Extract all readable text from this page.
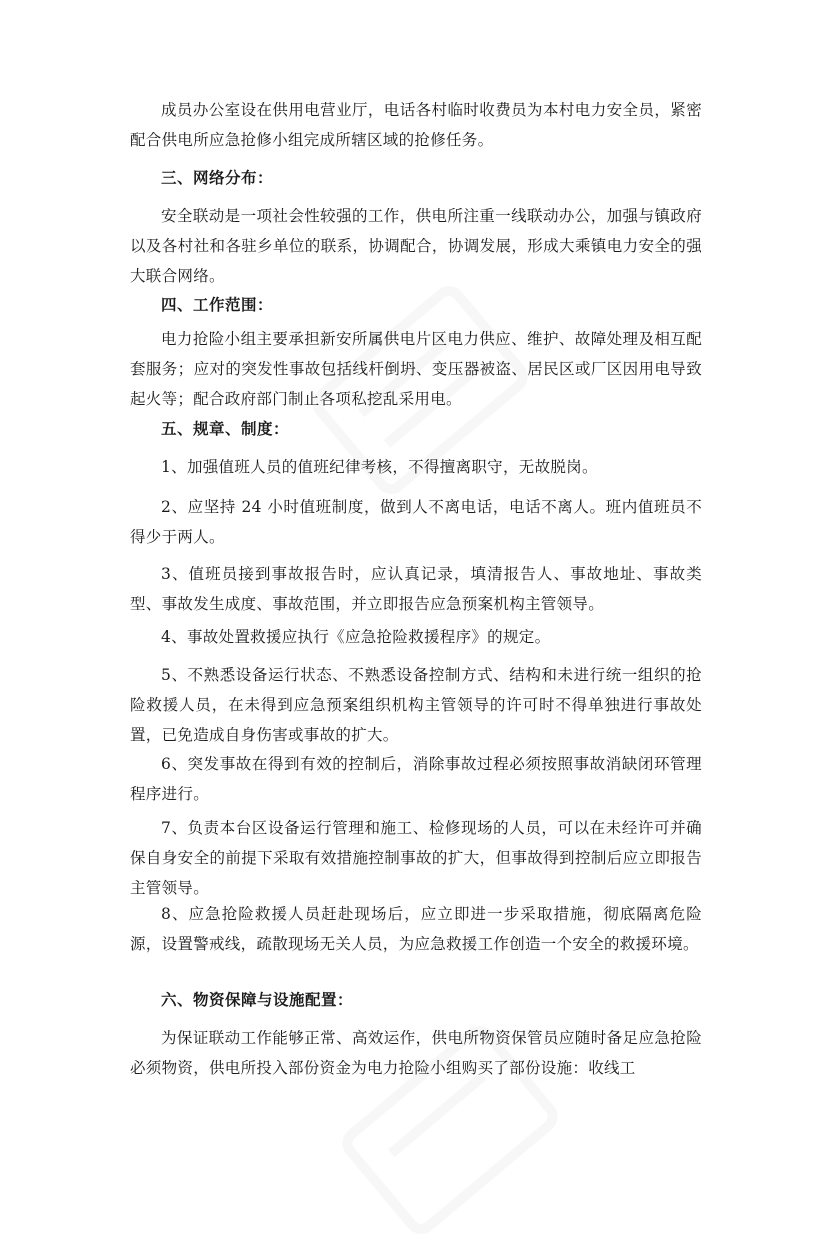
成员办公室设在供用电营业厅，电话各村临时收费员为本村电力安全员，紧密配合供电所应急抢修小组完成所辖区域的抢修任务。

三、网络分布：

安全联动是一项社会性较强的工作，供电所注重一线联动办公，加强与镇政府以及各村社和各驻乡单位的联系，协调配合，协调发展，形成大乘镇电力安全的强大联合网络。

四、工作范围：

电力抢险小组主要承担新安所属供电片区电力供应、维护、故障处理及相互配套服务；应对的突发性事故包括线杆倒坍、变压器被盗、居民区或厂区因用电导致起火等；配合政府部门制止各项私挖乱采用电。

五、规章、制度：

1、加强值班人员的值班纪律考核，不得擅离职守，无故脱岗。

2、应坚持 24 小时值班制度，做到人不离电话，电话不离人。班内值班员不得少于两人。

3、值班员接到事故报告时，应认真记录，填清报告人、事故地址、事故类型、事故发生成度、事故范围，并立即报告应急预案机构主管领导。

4、事故处置救援应执行《应急抢险救援程序》的规定。

5、不熟悉设备运行状态、不熟悉设备控制方式、结构和未进行统一组织的抢险救援人员，在未得到应急预案组织机构主管领导的许可时不得单独进行事故处置，已免造成自身伤害或事故的扩大。

6、突发事故在得到有效的控制后，消除事故过程必须按照事故消缺闭环管理程序进行。

7、负责本台区设备运行管理和施工、检修现场的人员，可以在未经许可并确保自身安全的前提下采取有效措施控制事故的扩大，但事故得到控制后应立即报告主管领导。

8、应急抢险救援人员赶赴现场后，应立即进一步采取措施，彻底隔离危险源，设置警戒线，疏散现场无关人员，为应急救援工作创造一个安全的救援环境。

六、物资保障与设施配置：

为保证联动工作能够正常、高效运作，供电所物资保管员应随时备足应急抢险必须物资，供电所投入部份资金为电力抢险小组购买了部份设施：收线工
